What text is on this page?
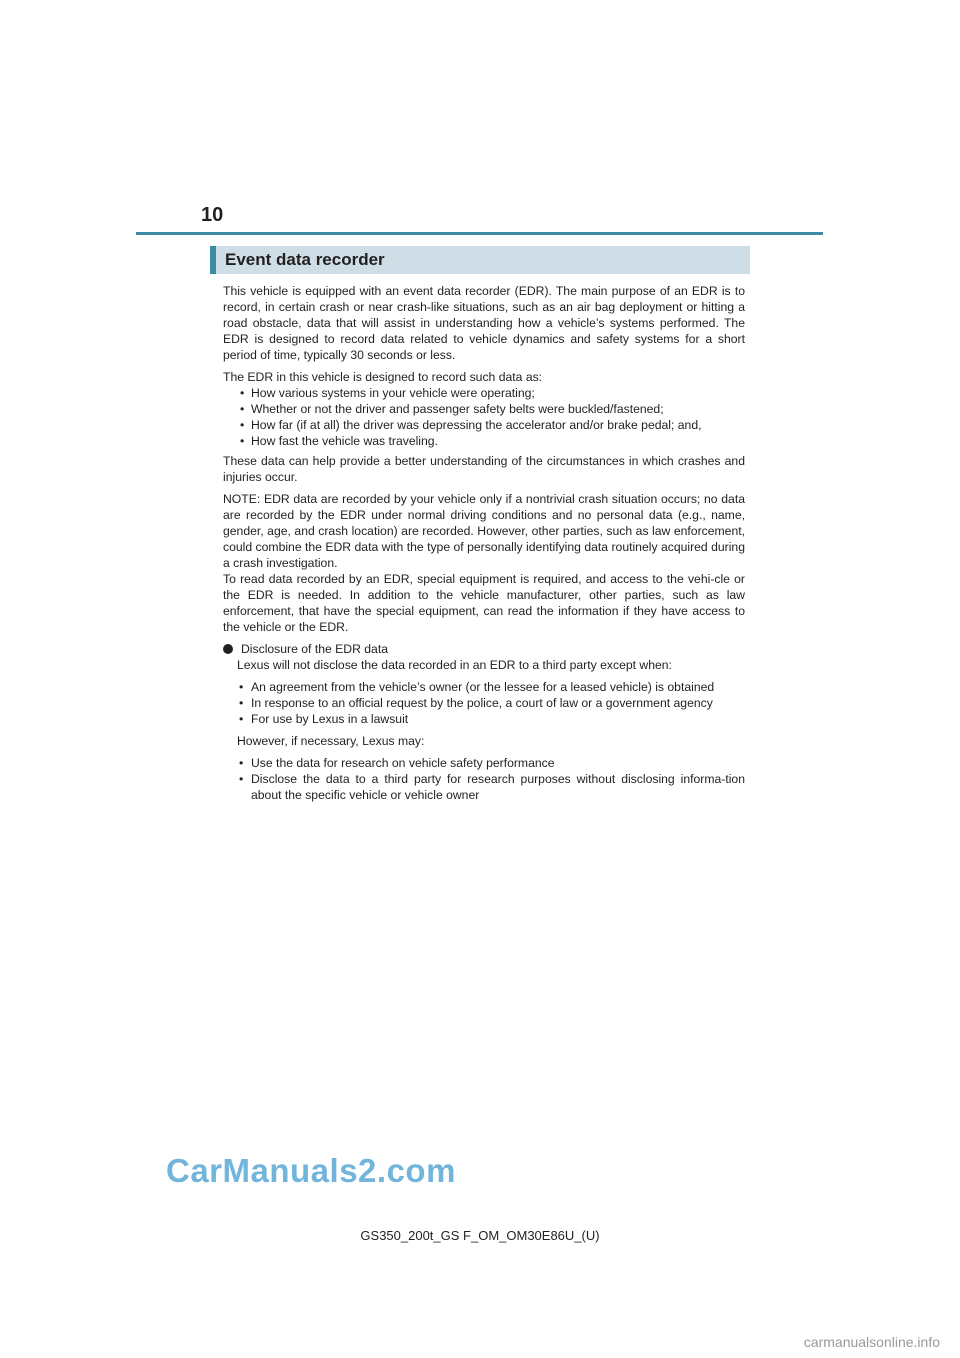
10
Event data recorder

This vehicle is equipped with an event data recorder (EDR). The main purpose of an EDR is to record, in certain crash or near crash-like situations, such as an air bag deployment or hitting a road obstacle, data that will assist in understanding how a vehicle’s systems performed. The EDR is designed to record data related to vehicle dynamics and safety systems for a short period of time, typically 30 seconds or less.

The EDR in this vehicle is designed to record such data as:

• How various systems in your vehicle were operating;
• Whether or not the driver and passenger safety belts were buckled/fastened;
• How far (if at all) the driver was depressing the accelerator and/or brake pedal; and,
• How fast the vehicle was traveling.

These data can help provide a better understanding of the circumstances in which crashes and injuries occur.

NOTE: EDR data are recorded by your vehicle only if a nontrivial crash situation occurs; no data are recorded by the EDR under normal driving conditions and no personal data (e.g., name, gender, age, and crash location) are recorded. However, other parties, such as law enforcement, could combine the EDR data with the type of personally identifying data routinely acquired during a crash investigation.

To read data recorded by an EDR, special equipment is required, and access to the vehi-cle or the EDR is needed. In addition to the vehicle manufacturer, other parties, such as law enforcement, that have the special equipment, can read the information if they have access to the vehicle or the EDR.

Disclosure of the EDR data

Lexus will not disclose the data recorded in an EDR to a third party except when:

• An agreement from the vehicle’s owner (or the lessee for a leased vehicle) is obtained
• In response to an official request by the police, a court of law or a government agency
• For use by Lexus in a lawsuit

However, if necessary, Lexus may:

• Use the data for research on vehicle safety performance
• Disclose the data to a third party for research purposes without disclosing informa-tion about the specific vehicle or vehicle owner
CarManuals2.com
GS350_200t_GS F_OM_OM30E86U_(U)
carmanualsonline.info
